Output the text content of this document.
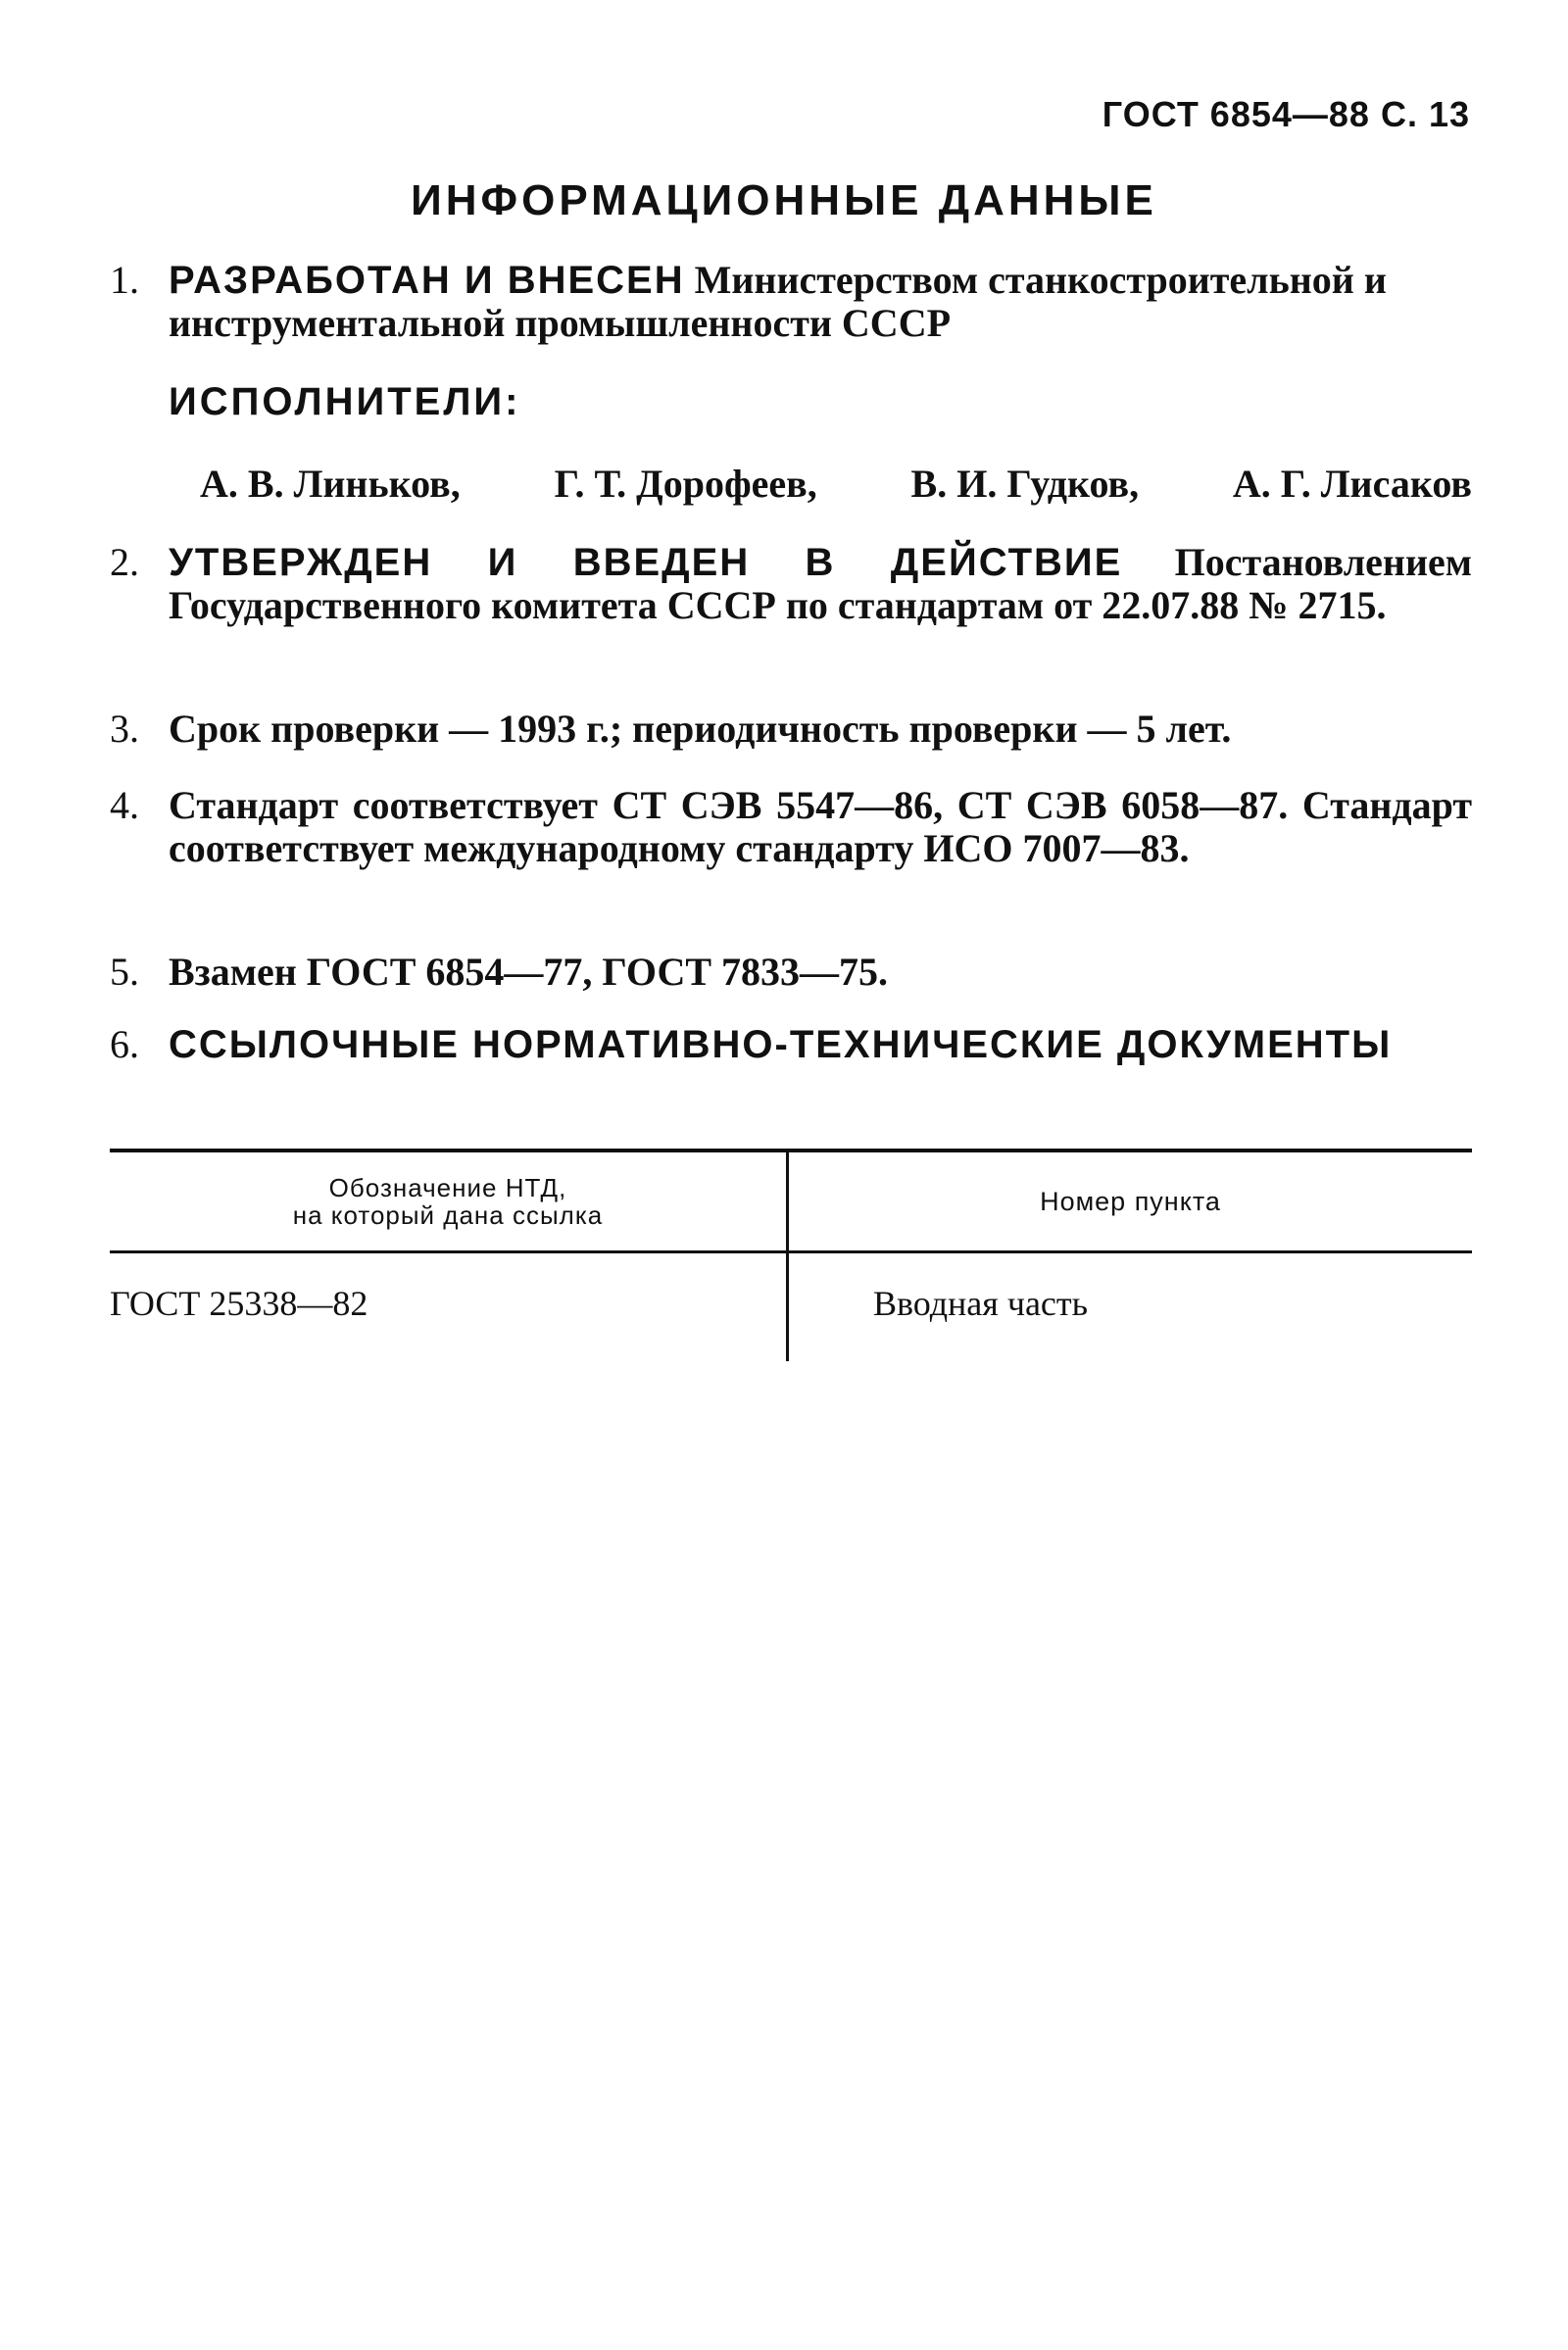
ГОСТ 6854—88 С. 13
ИНФОРМАЦИОННЫЕ ДАННЫЕ
1. РАЗРАБОТАН И ВНЕСЕН Министерством станкостроительной и инструментальной промышленности СССР
ИСПОЛНИТЕЛИ:
А. В. Линьков, Г. Т. Дорофеев, В. И. Гудков, А. Г. Лисаков
2. УТВЕРЖДЕН И ВВЕДЕН В ДЕЙСТВИЕ Постановлением Государственного комитета СССР по стандартам от 22.07.88 № 2715.
3. Срок проверки — 1993 г.; периодичность проверки — 5 лет.
4. Стандарт соответствует СТ СЭВ 5547—86, СТ СЭВ 6058—87. Стандарт соответствует международному стандарту ИСО 7007—83.
5. Взамен ГОСТ 6854—77, ГОСТ 7833—75.
6. ССЫЛОЧНЫЕ НОРМАТИВНО-ТЕХНИЧЕСКИЕ ДОКУМЕНТЫ
Обозначение НТД,
на который дана ссылка	Номер пункта
ГОСТ 25338—82	Вводная часть
